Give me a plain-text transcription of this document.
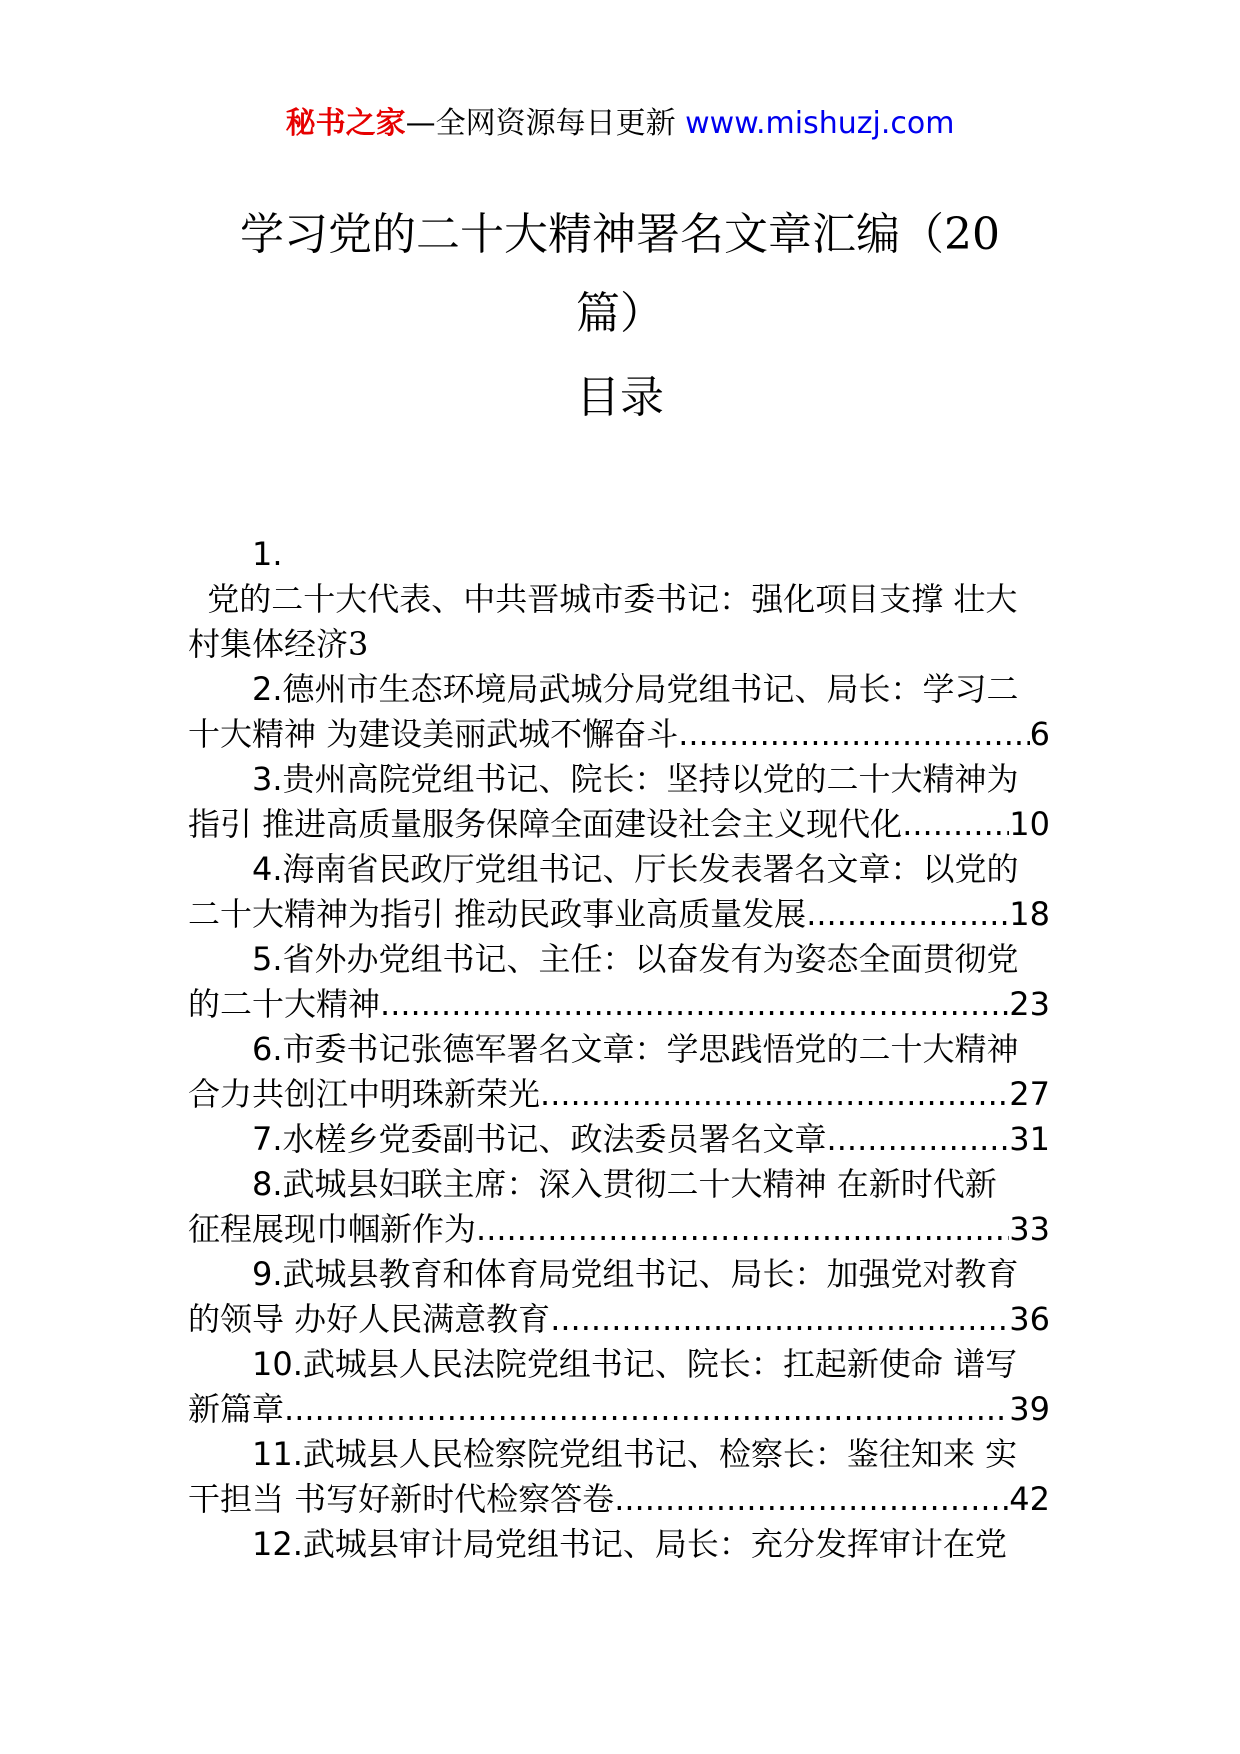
秘书之家—全网资源每日更新 www.mishuzj.com
学习党的二十大精神署名文章汇编（20
篇）
目录
1.
党的二十大代表、中共晋城市委书记：强化项目支撑 壮大
村集体经济3
2.德州市生态环境局武城分局党组书记、局长：学习二
十大精神 为建设美丽武城不懈奋斗 .....	6
3.贵州高院党组书记、院长：坚持以党的二十大精神为
指引 推进高质量服务保障全面建设社会主义现代化 .....	10
4.海南省民政厅党组书记、厅长发表署名文章：以党的
二十大精神为指引 推动民政事业高质量发展 .....	18
5.省外办党组书记、主任：以奋发有为姿态全面贯彻党
的二十大精神 .....	23
6.市委书记张德军署名文章：学思践悟党的二十大精神
合力共创江中明珠新荣光 .....	27
7.水槎乡党委副书记、政法委员署名文章 .....	31
8.武城县妇联主席：深入贯彻二十大精神 在新时代新
征程展现巾帼新作为 .....	33
9.武城县教育和体育局党组书记、局长：加强党对教育
的领导 办好人民满意教育 .....	36
10.武城县人民法院党组书记、院长：扛起新使命 谱写
新篇章 .....	39
11.武城县人民检察院党组书记、检察长：鉴往知来 实
干担当 书写好新时代检察答卷 .....	42
12.武城县审计局党组书记、局长：充分发挥审计在党
